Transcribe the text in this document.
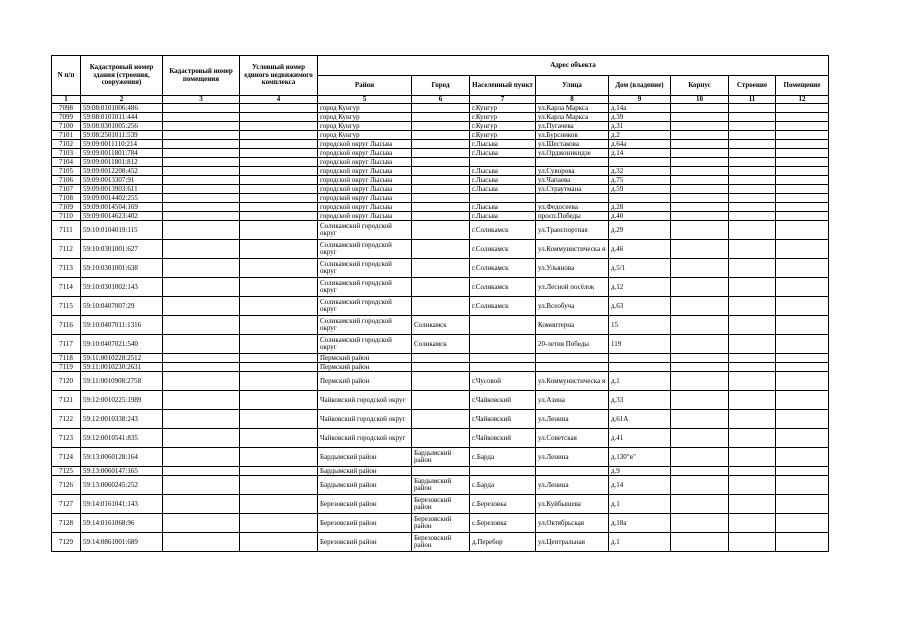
N п/п	Кадастровый номер здания (строения, сооружения)	Кадастровый номер помещения	Условный номер единого недвижимого комплекса	Адрес объекта							
				Район	Город	Населенный пункт	Улица	Дом (владение)	Корпус	Строение	Помещение
1	2	3	4	5	6	7	8	9	10	11	12
7098	59:08:0101006:486			город Кунгур		г.Кунгур	ул.Карла Маркса	д.14а			
7099	59:08:0101011:444			город Кунгур		г.Кунгур	ул.Карла Маркса	д.39			
7100	59:08:0301005:256			город Кунгур		г.Кунгур	ул.Пугачева	д.31			
7101	59:08:2501011:539			город Кунгур		г.Кунгур	ул.Бурсников	д.2			
7102	59:09:0011110:214			городской округ Лысьва		г.Лысьва	ул.Шестакова	д.64а			
7103	59:09:0011801:784			городской округ Лысьва		г.Лысьва	ул.Орджоникидзе	д.14			
7104	59:09:0011801:812			городской округ Лысьва							
7105	59:09:0012208:452			городской округ Лысьва		г.Лысьва	ул.Суворова	д.32			
7106	59:09:0013307:91			городской округ Лысьва		г.Лысьва	ул.Чапаева	д.75			
7107	59:09:0013903:611			городской округ Лысьва		г.Лысьва	ул.Страутмана	д.59			
7108	59:09:0014402:255			городской округ Лысьва							
7109	59:09:0014504:169			городской округ Лысьва		г.Лысьва	ул.Федосеева	д.28			
7110	59:09:0014623:402			городской округ Лысьва		г.Лысьва	просп.Победы	д.40			
7111	59:10:0104019:115			Соликамский городской округ		г.Соликамск	ул.Транспортная	д.29			
7112	59:10:0301001:627			Соликамский городской округ		г.Соликамск	ул.Коммунистическа я	д.46			
7113	59:10:0301001:638			Соликамский городской округ		г.Соликамск	ул.Ульянова	д.5/1			
7114	59:10:0301002:143			Соликамский городской округ		г.Соликамск	ул.Лесной посёлок	д.12			
7115	59:10:0407007:29			Соликамский городской округ		г.Соликамск	ул.Всеобуча	д.63			
7116	59:10:0407011:1316			Соликамский городской округ	Соликамск		Коминтерна	15			
7117	59:10:0407021:540			Соликамский городской округ	Соликамск		20-летия Победы	119			
7118	59:11:0010228:2512			Пермский район							
7119	59:11:0010230:2631			Пермский район							
7120	59:11:0010908:2758			Пермский район		г.Чусовой	ул.Коммунистическа я	д.1			
7121	59:12:0010225:1989			Чайковский городской округ		г.Чайковский	ул.Азина	д.33			
7122	59:12:0010338:243			Чайковский городской округ		г.Чайковский	ул.Ленина	д.61А			
7123	59:12:0010541:835			Чайковский городской округ		г.Чайковский	ул.Советская	д.41			
7124	59:13:0060128:164			Бардымский район	Бардымский район	с.Барда	ул.Ленина	д.130"в"			
7125	59:13:0060147:165			Бардымский район				д.9			
7126	59:13:0060245:252			Бардымский район	Бардымский район	с.Барда	ул.Ленина	д.14			
7127	59:14:0161041:143			Березовский район	Березовский район	с.Березовка	ул.Куйбышева	д.1			
7128	59:14:0161068:96			Березовский район	Березовский район	с.Березовка	ул.Октябрьская	д.18а			
7129	59:14:0861001:689			Березовский район	Березовский район	д.Перебор	ул.Центральная	д.1			
